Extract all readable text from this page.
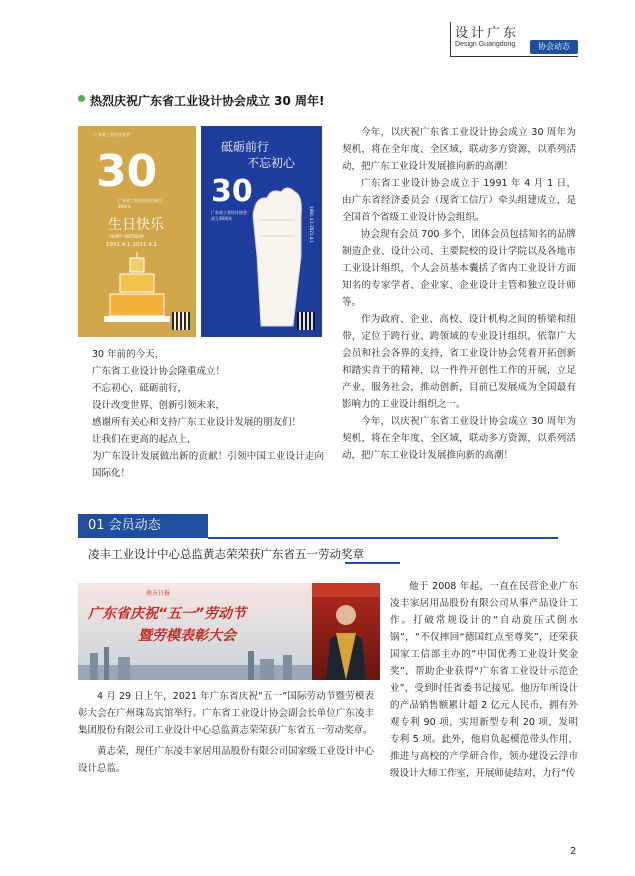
设计广东
Design Guangdong	协会动态
热烈庆祝广东省工业设计协会成立 30 周年!
广东省工业设计协会
30
广东省工业设计协会成立30周年
生日快乐
HAPPY BIRTHDAY
1991.4.1-2021.4.1
砥砺前行
不忘初心
30
广东省工业设计协会成立30周年	1991.4.1-2021.4.1

30 年前的今天，

广东省工业设计协会隆重成立！

不忘初心，砥砺前行，

设计改变世界、创新引领未来，

感谢所有关心和支持广东工业设计发展的朋友们！

让我们在更高的起点上，

为广东设计发展做出新的贡献！引领中国工业设计走向国际化！

今年，以庆祝广东省工业设计协会成立 30 周年为契机，将在全年度、全区域，联动多方资源，以系列活动，把广东工业设计发展推向新的高潮！

广东省工业设计协会成立于 1991 年 4 月 1 日，由广东省经济委员会（现省工信厅）牵头组建成立，是全国首个省级工业设计协会组织。

协会现有会员 700 多个，团体会员包括知名的品牌制造企业、设计公司、主要院校的设计学院以及各地市工业设计组织，个人会员基本囊括了省内工业设计方面知名的专家学者、企业家、企业设计主管和独立设计师等。

作为政府、企业、高校、设计机构之间的桥梁和纽带，定位于跨行业、跨领域的专业设计组织，依靠广大会员和社会各界的支持，省工业设计协会凭着开拓创新和踏实肯干的精神，以一件件开创性工作的开展，立足产业，服务社会，推动创新，目前已发展成为全国最有影响力的工业设计组织之一。

今年，以庆祝广东省工业设计协会成立 30 周年为契机，将在全年度、全区域，联动多方资源，以系列活动，把广东工业设计发展推向新的高潮！

01 会员动态
凌丰工业设计中心总监黄志荣荣获广东省五一劳动奖章
南方日报
广东省庆祝“五一”劳动节
暨劳模表彰大会

4 月 29 日上午，2021 年广东省庆祝“五一”国际劳动节暨劳模表彰大会在广州珠岛宾馆举行。广东省工业设计协会副会长单位广东凌丰集团股份有限公司工业设计中心总监黄志荣荣获广东省五一劳动奖章。

黄志荣，现任广东凌丰家居用品股份有限公司国家级工业设计中心设计总监。

他于 2008 年起，一直在民营企业广东凌丰家居用品股份有限公司从事产品设计工作。打破常规设计的“自动旋压式倒水锅”，“不仅摔回“德国红点至尊奖”，还荣获国家工信部主办的“中国优秀工业设计奖金奖”，帮助企业获得“广东省工业设计示范企业”，受到时任省委书记接见。他历年所设计的产品销售额累计超 2 亿元人民币，拥有外观专利 90 项，实用新型专利 20 项，发明专利 5 项。此外，他肩负起模范带头作用，推进与高校的产学研合作，领办建设云浮市级设计大师工作室，开展师徒结对，力行“传

2
